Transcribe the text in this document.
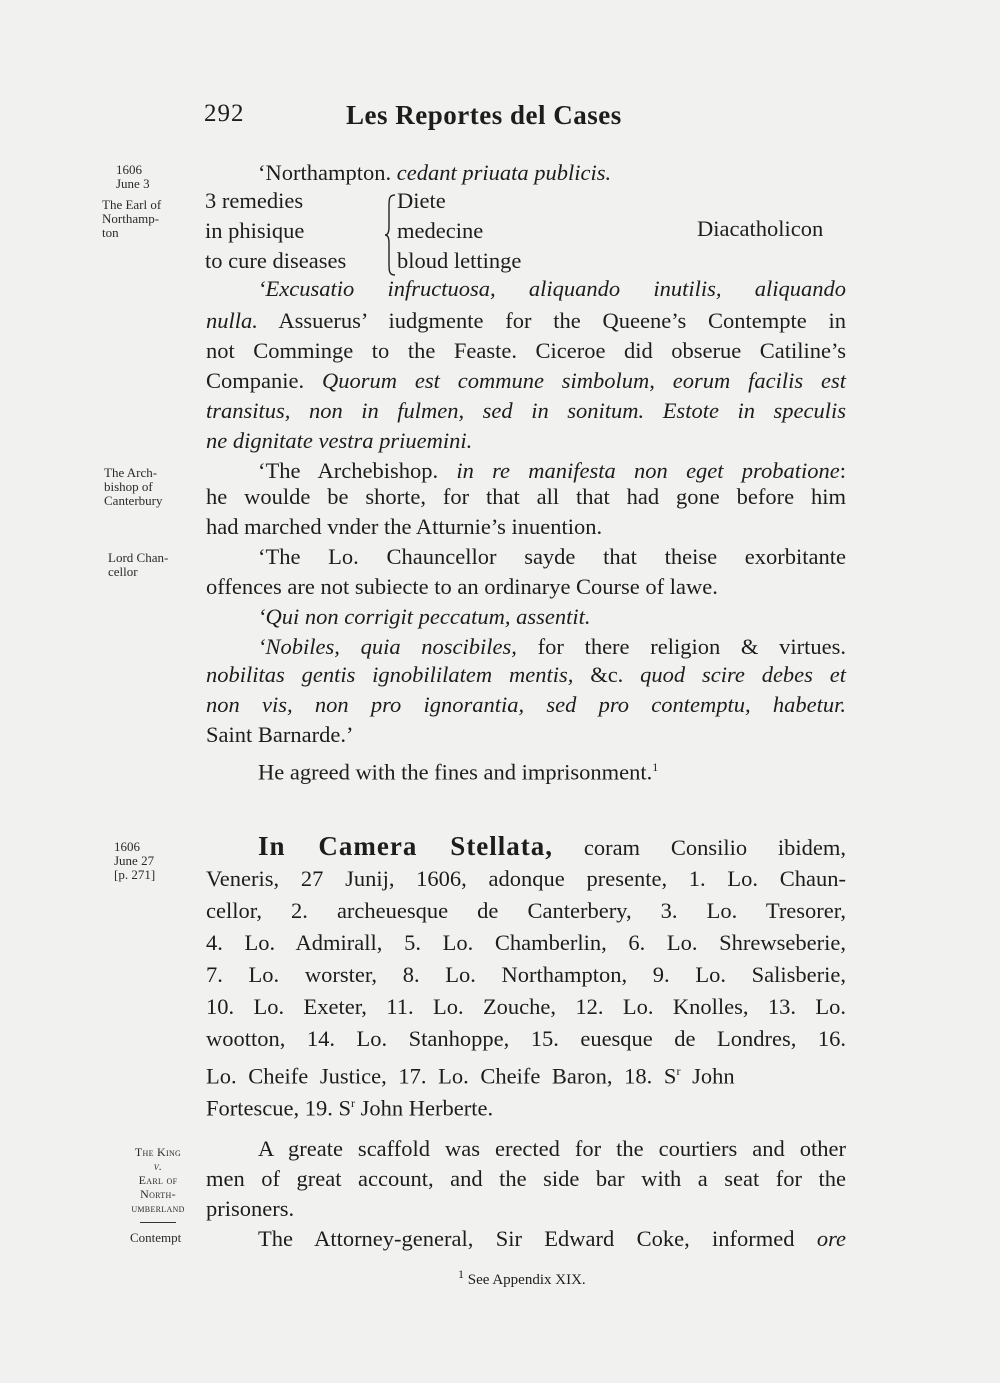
292	Les Reportes del Cases
1606
June 3
The Earl of
Northamp-
ton
The Arch-
bishop of
Canterbury
Lord Chan-
cellor
1606
June 27
[p. 271]
The King
v.
Earl of
North-
umberland
Contempt
‘Northampton. cedant priuata publicis.
3 remedies
in phisique
to cure diseases
Diete
medecine
bloud lettinge
Diacatholicon
‘Excusatio infructuosa, aliquando inutilis, aliquando
nulla. Assuerus’ iudgmente for the Queene’s Contempte in
not Comminge to the Feaste. Ciceroe did obserue Catiline’s
Companie. Quorum est commune simbolum, eorum facilis est
transitus, non in fulmen, sed in sonitum. Estote in speculis
ne dignitate vestra priuemini.
‘The Archebishop. in re manifesta non eget probatione:
he woulde be shorte, for that all that had gone before him
had marched vnder the Atturnie’s inuention.
‘The Lo. Chauncellor sayde that theise exorbitante
offences are not subiecte to an ordinarye Course of lawe.
‘Qui non corrigit peccatum, assentit.
‘Nobiles, quia noscibiles, for there religion & virtues.
nobilitas gentis ignobililatem mentis, &c. quod scire debes et
non vis, non pro ignorantia, sed pro contemptu, habetur.
Saint Barnarde.’
He agreed with the fines and imprisonment.$^1$
In Camera Stellata, coram Consilio ibidem,
Veneris, 27 Junij, 1606, adonque presente, 1. Lo. Chaun-
cellor, 2. archeuesque de Canterbery, 3. Lo. Tresorer,
4. Lo. Admirall, 5. Lo. Chamberlin, 6. Lo. Shrewseberie,
7. Lo. worster, 8. Lo. Northampton, 9. Lo. Salisberie,
10. Lo. Exeter, 11. Lo. Zouche, 12. Lo. Knolles, 13. Lo.
wootton, 14. Lo. Stanhoppe, 15. euesque de Londres, 16.
Lo. Cheife Justice, 17. Lo. Cheife Baron, 18. $S^r$ John
Fortescue, 19. $S^r$ John Herberte.
A greate scaffold was erected for the courtiers and other
men of great account, and the side bar with a seat for the
prisoners.
The Attorney-general, Sir Edward Coke, informed ore
$^1$ See Appendix XIX.
